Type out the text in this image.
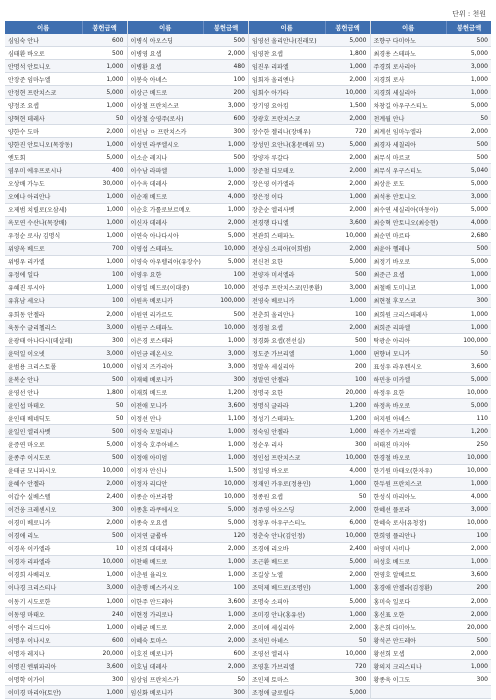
단위 : 천원
이름	봉헌금액
심임숙 안나	600
심태환 바오로	500
안명석 안토니오	1,000
안장준 임마누엘	1,000
안정현 프란치스코	5,000
양정조 요셉	1,000
양혁현 데레사	50
양한수 도마	2,000
양한진 안토니오(목장동)	1,000
엔도회	5,000
염우미 에우프로시나	400
오상배 가누도	30,000
오예나 아리안나	1,000
오제범 치릴로(오삼세)	1,000
옥모연 수산나(목장배)	1,000
우정순 로사/ 김명식	1,000
위양옥 베드로	700
위병우 리카엘	1,000
유정에 일다	100
유혜진 루시아	1,000
유휴남 세오나	100
유희동 안젤라	2,000
육동수 글리첼리스	3,000
윤광태 아나다시(데살페)	300
윤덕일 이오넷	3,000
윤범용 크리스토폴	10,000
윤복순 안나	500
윤영선 안나	1,800
윤인섭 마테오	50
윤인태 베네딕도	50
윤일인 엘리사벳	500
윤증연 마오로	5,000
윤종주 이시도로	500
윤태균 모니파시오	10,000
윤혜수 안젤라	2,000
이갑수 실베스텔	2,400
이건웅 크레센시오	300
이경미 베로니카	2,000
이경애 리노	500
이경옥 이카엘라	10
이경자 리파엘라	10,000
이경희 사베리오	1,000
이나경 크리스티나	3,000
이동기 시도로한	1,000
이동영 마태오	240
이명수 리드디아	1,000
이명우 이나시오	600
이명자 레지나	20,000
이명진 엔뤼파리아	3,600
이명학 이가이	300
이미경 마리아(토안)	1,000
이름	봉헌금액
이병식 아오스딩	500
이병영 요셉	2,000
이병환 요셉	480
이봉숙 아녜스	100
이상근 베드로	200
이상철 프란치스코	3,000
이상철 승영주(로사)	600
이선남 ㅇ 프란치스카	300
이성민 라쿠엘시오	1,000
이소순 레지나	500
이수남 라파엘	1,000
이수옥 데레사	2,000
이순재 베드로	4,000
이순호 가롤로보르메오	1,000
이신자 데레사	2,000
이연숙 아나다시아	5,000
이영섭 스테파노	10,000
이영숙 아우렐리아(유장수)	5,000
이영우 요한	100
이영일 베드로(이대중)	10,000
이원옥 베로니카	100,000
이원연 리카르도	500
이원구 스테파노	10,000
이은경 로스테라	1,000
이인금 레온시오	3,000
이임지 즈카리아	3,000
이재혜 베로니카	300
이재희 베드로	1,200
이전애 모니카	3,600
이정선 안나	1,100
이정숙 모멀리나	1,000
이정숙 호주아녜스	1,000
이정애 아미엄	1,000
이정자 안신나	1,500
이정자 리디안	10,000
이종순 아브라함	10,000
이종훈 라쿠에시오	5,000
이종숙 오요셉	5,000
이지연 글룹바	120
이진희 대데레사	2,000
이찬해 베드로	1,000
이춘원 율리오	1,000
이춘행 베스카시오	100
이한주 안드레아	3,600
이현정 가리로나	1,000
이혜균 베드로	2,000
이혜숙 토마스	2,000
이호진 베로니카	600
이호님 데레사	2,000
임상임 프란치스카	50
임신화 베로니카	300
이름	봉헌금액
임영선 올리안나(진래모)	5,000
임영찬 요셉	1,800
임진우 리파엘	1,000
임회자 올리엔나	2,000
임회수 아가타	10,000
장기영 요아킴	1,500
장광호 프란치스코	2,000
장수한 젤리나(장배우)	720
장성민 요안나(홍문배위 모)	5,000
장양자 루갈다	2,000
장준철 디모테오	2,000
장은영 이카엘라	2,000
장은정 이다	1,000
장춘순 엘리사벳	2,000
전경행 다니엘	3,600
전관희 스테파노	10,000
전상심 소피아(이희범)	2,000
전신천 요한	5,000
전양자 미서엘라	500
전영주 프란치스코(민종환)	3,000
전영숙 베로니카	1,000
전춘희 올리안나	100
정경철 요셉	2,000
정경화 요셉(전선실)	500
정도준 가브리엘	1,000
정말옥 세실리아	200
정말연 안젤라	100
정명국 요한	20,000
정명식 글라라	1,200
정성기 스테파노	1,200
정숙임 안젤라	1,000
정순우 리사	300
정인섭 프란치스코	10,000
정일영 바오로	4,000
정재인 카우로(정용인)	1,000
정종원 요셉	50
정주영 아오스딩	2,000
정창우 아우구스티노	6,000
정춘숙 안나(김인정)	10,000
조경애 리오바	2,400
조근환 베드로	5,000
조길상 노엘	2,000
조덕제 베드로(조명인)	1,000
조명숙 소피아	5,000
조미경 안나(홍유선)	1,000
조미애 세실리아	2,000
조석민 아녜스	50
조영선 엘리사	10,000
조영훈 가브리엘	720
조인제 토마스	300
조정애 글로릴다	5,000
이름	봉헌금액
조향구 다미아노	500
최경용 스테파노	5,000
주경희 로사리아	3,000
지경희 로사	1,000
지경희 세실리아	1,000
차창길 아우구스티노	5,000
천계월 안나	50
최계선 임마누엘라	2,000
최경자 세칠리아	500
최무식 마르코	500
최무식 우구스티노	5,040
최상운 로도	5,000
최석용 안토니오	3,000
최수연 세실리아(마동아)	5,000
최승혁 안토니오(최승현)	4,000
최순민 마르타	2,680
최윤아 헬레나	500
최정기 바오로	5,000
최준근 요셉	1,000
최철배 도미니코	1,000
최현철 후모스코	300
최희원 크리스테레사	1,000
최희준 리파엘	1,000
탁광순 아리아	100,000
편향녀 모니카	50
표성우 라우렌시오	3,600
하민웅 미카엘	5,000
하정우 요한	10,000
하정옥 바오로	5,000
허지원 아녜스	110
하진수 가브리엘	1,200
허태진 마지아	250
한경철 바오로	10,000
한기원 마태오(한자우)	10,000
한두원 프란치스코	1,000
한성식 마리아노	4,000
한혜선 플로라	3,000
한혜숙 로사(유청장)	10,000
한희영 플리안나	100
허영미 사비나	2,000
허성호 베드로	1,000
현영호 알베르토	3,600
홍경애 안젤라(김정환)	200
홍미숙 일로다	2,000
홍신표 오한	2,000
홍은희 다미아노	20,000
황석곤 안드레아	500
황선희 모셉	2,000
황의지 크리스티나	1,000
황종욱 이그도	300
